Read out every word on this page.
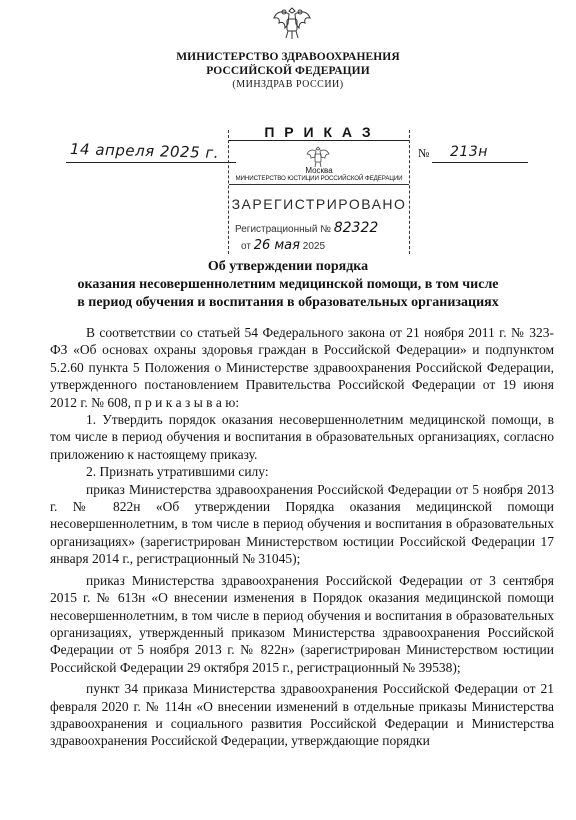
МИНИСТЕРСТВО ЗДРАВООХРАНЕНИЯ
РОССИЙСКОЙ ФЕДЕРАЦИИ
(МИНЗДРАВ РОССИИ)
14 апреля 2025 г.	№ 213н
П Р И К А З
Москва
МИНИСТЕРСТВО ЮСТИЦИИ РОССИЙСКОЙ ФЕДЕРАЦИИ
ЗАРЕГИСТРИРОВАНО
Регистрационный № 82322
от 26 мая 2025
Об утверждении порядка
оказания несовершеннолетним медицинской помощи, в том числе
в период обучения и воспитания в образовательных организациях

В соответствии со статьей 54 Федерального закона от 21 ноября 2011 г. № 323-ФЗ «Об основах охраны здоровья граждан в Российской Федерации» и подпунктом 5.2.60 пункта 5 Положения о Министерстве здравоохранения Российской Федерации, утвержденного постановлением Правительства Российской Федерации от 19 июня 2012 г. № 608, п р и к а з ы в а ю:

1. Утвердить порядок оказания несовершеннолетним медицинской помощи, в том числе в период обучения и воспитания в образовательных организациях, согласно приложению к настоящему приказу.

2. Признать утратившими силу:

приказ Министерства здравоохранения Российской Федерации от 5 ноября 2013 г. № 822н «Об утверждении Порядка оказания медицинской помощи несовершеннолетним, в том числе в период обучения и воспитания в образовательных организациях» (зарегистрирован Министерством юстиции Российской Федерации 17 января 2014 г., регистрационный № 31045);

приказ Министерства здравоохранения Российской Федерации от 3 сентября 2015 г. № 613н «О внесении изменения в Порядок оказания медицинской помощи несовершеннолетним, в том числе в период обучения и воспитания в образовательных организациях, утвержденный приказом Министерства здравоохранения Российской Федерации от 5 ноября 2013 г. № 822н» (зарегистрирован Министерством юстиции Российской Федерации 29 октября 2015 г., регистрационный № 39538);

пункт 34 приказа Министерства здравоохранения Российской Федерации от 21 февраля 2020 г. № 114н «О внесении изменений в отдельные приказы Министерства здравоохранения и социального развития Российской Федерации и Министерства здравоохранения Российской Федерации, утверждающие порядки
